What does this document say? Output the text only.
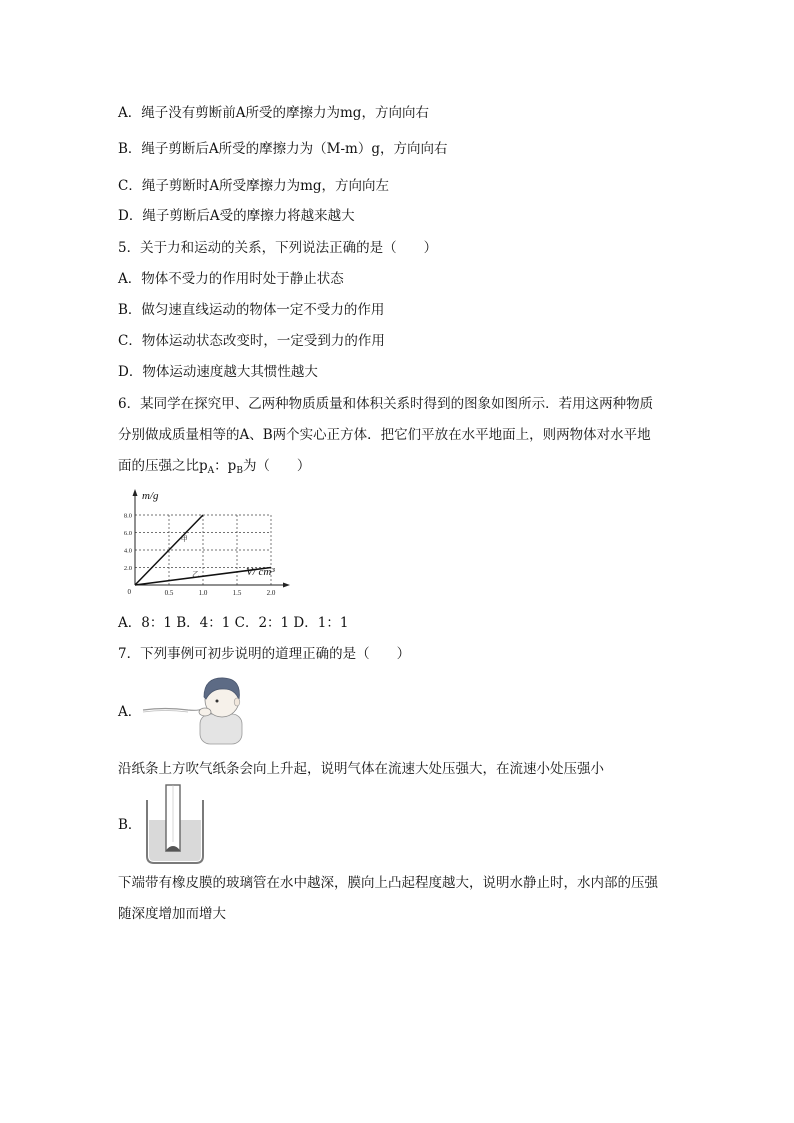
A．绳子没有剪断前A所受的摩擦力为mg，方向向右
B．绳子剪断后A所受的摩擦力为（M-m）g，方向向右
C．绳子剪断时A所受摩擦力为mg，方向向左
D．绳子剪断后A受的摩擦力将越来越大
5．关于力和运动的关系，下列说法正确的是（　　）
A．物体不受力的作用时处于静止状态
B．做匀速直线运动的物体一定不受力的作用
C．物体运动状态改变时，一定受到力的作用
D．物体运动速度越大其惯性越大
6．某同学在探究甲、乙两种物质质量和体积关系时得到的图象如图所示．若用这两种物质
分别做成质量相等的A、B两个实心正方体．把它们平放在水平地面上，则两物体对水平地
面的压强之比$p_A$：$p_B$为（　　）
0.5	1.0	1.5	2.0
2.0
4.0
6.0
8.0
0
甲
乙
m/g
V/ cm³
A．8：1 B．4：1 C．2：1 D．1：1
7．下列事例可初步说明的道理正确的是（　　）
A．
沿纸条上方吹气纸条会向上升起，说明气体在流速大处压强大，在流速小处压强小
B．
下端带有橡皮膜的玻璃管在水中越深，膜向上凸起程度越大，说明水静止时，水内部的压强
随深度增加而增大
